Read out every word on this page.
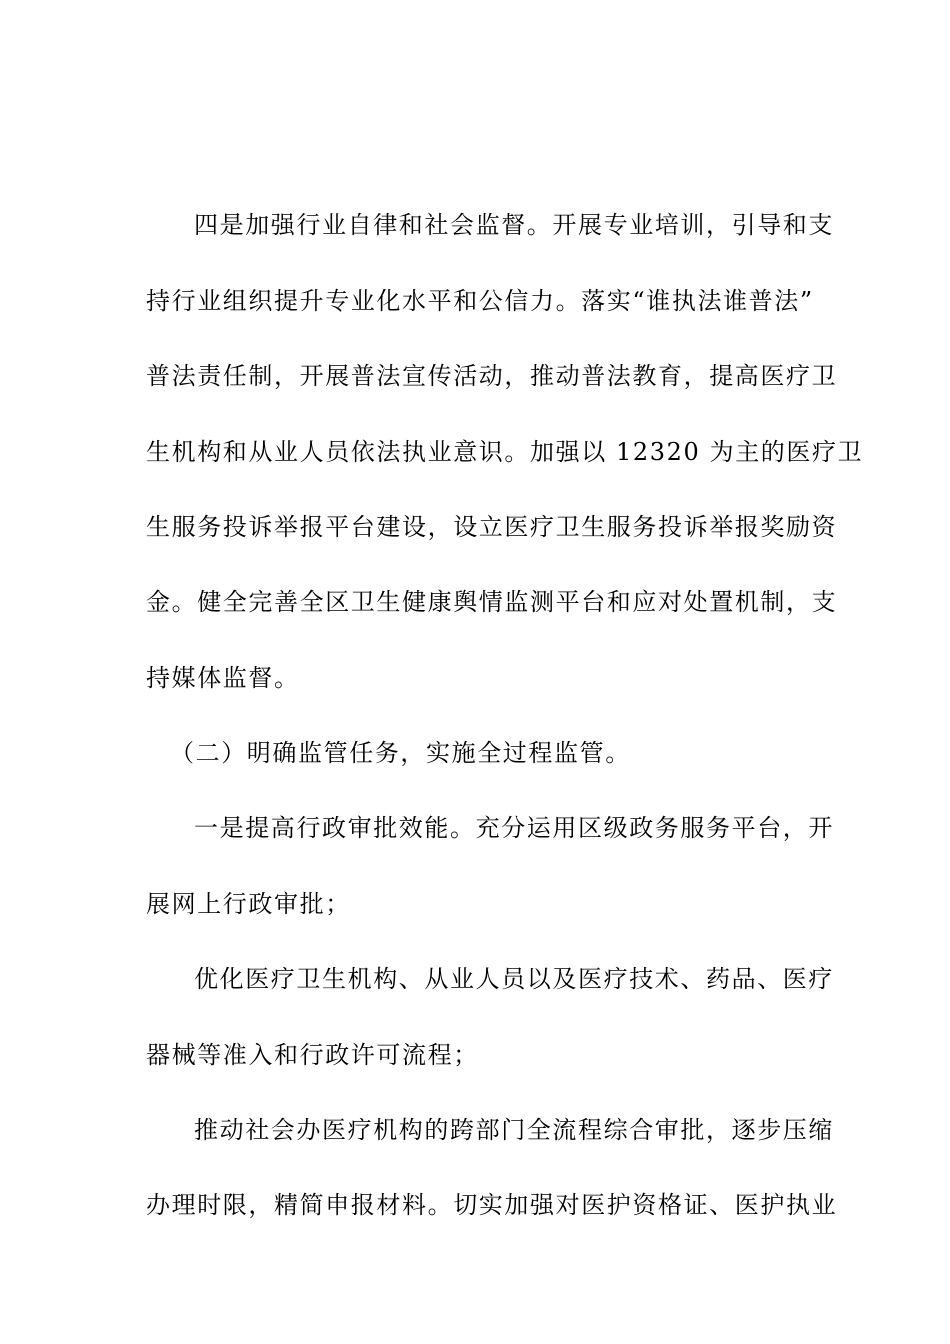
四是加强行业自律和社会监督。开展专业培训，引导和支
持行业组织提升专业化水平和公信力。落实“谁执法谁普法”
普法责任制，开展普法宣传活动，推动普法教育，提高医疗卫
生机构和从业人员依法执业意识。加强以 12320 为主的医疗卫
生服务投诉举报平台建设，设立医疗卫生服务投诉举报奖励资
金。健全完善全区卫生健康舆情监测平台和应对处置机制，支
持媒体监督。
（二）明确监管任务，实施全过程监管。
一是提高行政审批效能。充分运用区级政务服务平台，开
展网上行政审批；
优化医疗卫生机构、从业人员以及医疗技术、药品、医疗
器械等准入和行政许可流程；
推动社会办医疗机构的跨部门全流程综合审批，逐步压缩
办理时限，精简申报材料。切实加强对医护资格证、医护执业
